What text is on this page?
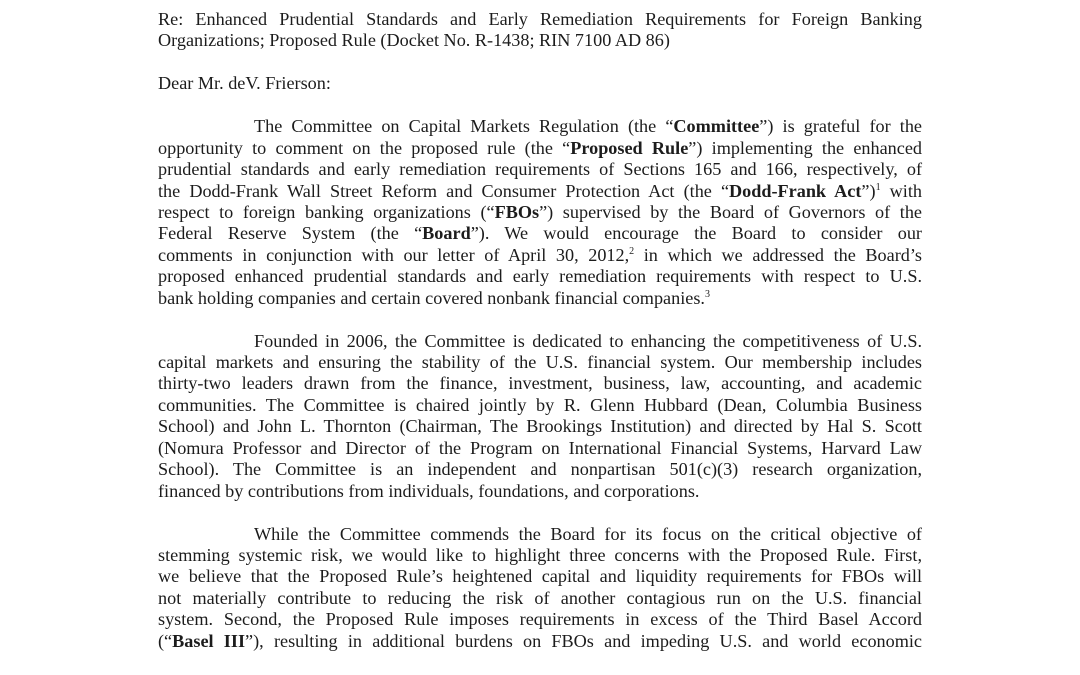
Re: Enhanced Prudential Standards and Early Remediation Requirements for Foreign Banking
Organizations; Proposed Rule (Docket No. R-1438; RIN 7100 AD 86)
Dear Mr. deV. Frierson:
The Committee on Capital Markets Regulation (the “Committee”) is grateful for the
opportunity to comment on the proposed rule (the “Proposed Rule”) implementing the enhanced
prudential standards and early remediation requirements of Sections 165 and 166, respectively, of
the Dodd-Frank Wall Street Reform and Consumer Protection Act (the “Dodd-Frank Act”)$^1$ with
respect to foreign banking organizations (“FBOs”) supervised by the Board of Governors of the
Federal Reserve System (the “Board”). We would encourage the Board to consider our
comments in conjunction with our letter of April 30, 2012,$^2$ in which we addressed the Board’s
proposed enhanced prudential standards and early remediation requirements with respect to U.S.
bank holding companies and certain covered nonbank financial companies.$^3$
Founded in 2006, the Committee is dedicated to enhancing the competitiveness of U.S.
capital markets and ensuring the stability of the U.S. financial system. Our membership includes
thirty-two leaders drawn from the finance, investment, business, law, accounting, and academic
communities. The Committee is chaired jointly by R. Glenn Hubbard (Dean, Columbia Business
School) and John L. Thornton (Chairman, The Brookings Institution) and directed by Hal S. Scott
(Nomura Professor and Director of the Program on International Financial Systems, Harvard Law
School). The Committee is an independent and nonpartisan 501(c)(3) research organization,
financed by contributions from individuals, foundations, and corporations.
While the Committee commends the Board for its focus on the critical objective of
stemming systemic risk, we would like to highlight three concerns with the Proposed Rule. First,
we believe that the Proposed Rule’s heightened capital and liquidity requirements for FBOs will
not materially contribute to reducing the risk of another contagious run on the U.S. financial
system. Second, the Proposed Rule imposes requirements in excess of the Third Basel Accord
(“Basel III”), resulting in additional burdens on FBOs and impeding U.S. and world economic
